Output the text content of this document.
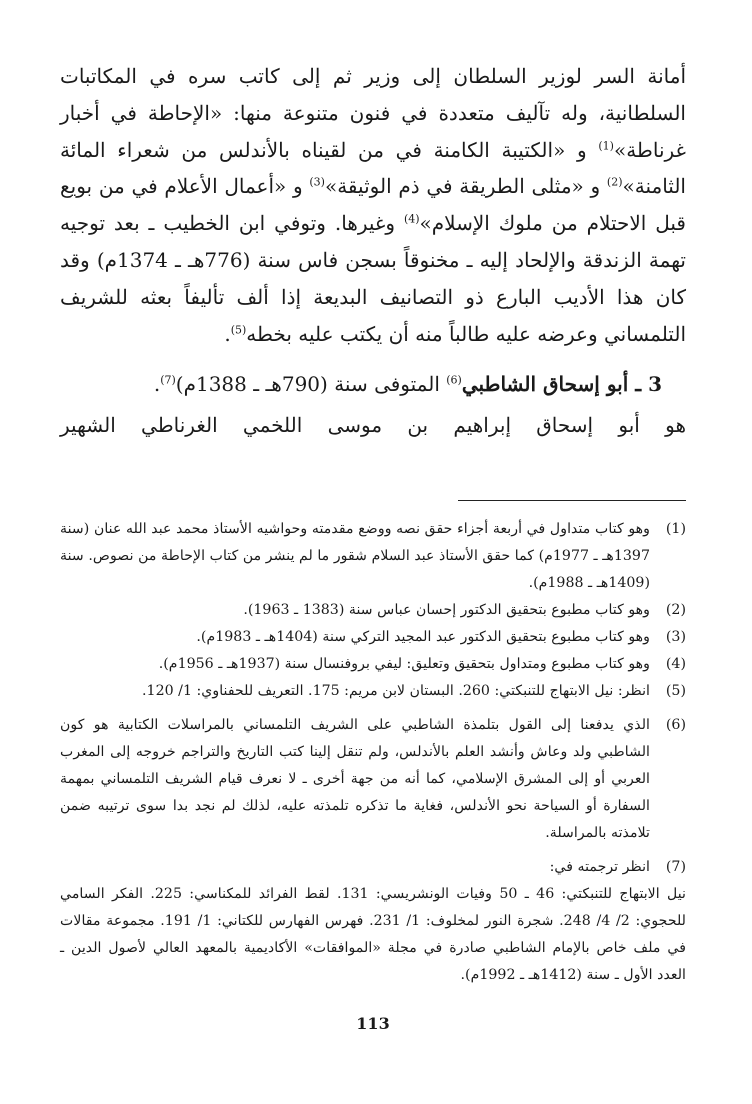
أمانة السر لوزير السلطان إلى وزير ثم إلى كاتب سره في المكاتبات السلطانية، وله تآليف متعددة في فنون متنوعة منها: «الإحاطة في أخبار غرناطة»$^{(1)}$ و «الكتيبة الكامنة في من لقيناه بالأندلس من شعراء المائة الثامنة»$^{(2)}$ و «مثلى الطريقة في ذم الوثيقة»$^{(3)}$ و «أعمال الأعلام في من بويع قبل الاحتلام من ملوك الإسلام»$^{(4)}$ وغيرها. وتوفي ابن الخطيب ـ بعد توجيه تهمة الزندقة والإلحاد إليه ـ مخنوقاً بسجن فاس سنة (776هـ ـ 1374م) وقد كان هذا الأديب البارع ذو التصانيف البديعة إذا ألف تأليفاً بعثه للشريف التلمساني وعرضه عليه طالباً منه أن يكتب عليه بخطه$^{(5)}$.

3 ـ أبو إسحاق الشاطبي$^{(6)}$ المتوفى سنة (790هـ ـ 1388م)$^{(7)}$.

هو أبو إسحاق إبراهيم بن موسى اللخمي الغرناطي الشهير

(1)
وهو كتاب متداول في أربعة أجزاء حقق نصه ووضع مقدمته وحواشيه الأستاذ محمد عبد الله عنان (سنة 1397هـ ـ 1977م) كما حقق الأستاذ عبد السلام شقور ما لم ينشر من كتاب الإحاطة من نصوص. سنة (1409هـ ـ 1988م).
(2)
وهو كتاب مطبوع بتحقيق الدكتور إحسان عباس سنة (1383 ـ 1963).
(3)
وهو كتاب مطبوع بتحقيق الدكتور عبد المجيد التركي سنة (1404هـ ـ 1983م).
(4)
وهو كتاب مطبوع ومتداول بتحقيق وتعليق: ليفي بروفنسال سنة (1937هـ ـ 1956م).
(5)
انظر: نيل الابتهاج للتنبكتي: 260. البستان لابن مريم: 175. التعريف للحفناوي: 1/ 120.
(6)
الذي يدفعنا إلى القول بتلمذة الشاطبي على الشريف التلمساني بالمراسلات الكتابية هو كون الشاطبي ولد وعاش وأنشد العلم بالأندلس، ولم تنقل إلينا كتب التاريخ والتراجم خروجه إلى المغرب العربي أو إلى المشرق الإسلامي، كما أنه من جهة أخرى ـ لا نعرف قيام الشريف التلمساني بمهمة السفارة أو السياحة نحو الأندلس، فغاية ما تذكره تلمذته عليه، لذلك لم نجد بدا سوى ترتيبه ضمن تلامذته بالمراسلة.
(7)
انظر ترجمته في:
نيل الابتهاج للتنبكتي: 46 ـ 50 وفيات الونشريسي: 131. لقط الفرائد للمكناسي: 225. الفكر السامي للحجوي: 2/ 4/ 248. شجرة النور لمخلوف: 1/ 231. فهرس الفهارس للكتاني: 1/ 191. مجموعة مقالات في ملف خاص بالإمام الشاطبي صادرة في مجلة «الموافقات» الأكاديمية بالمعهد العالي لأصول الدين ـ العدد الأول ـ سنة (1412هـ ـ 1992م).
113
